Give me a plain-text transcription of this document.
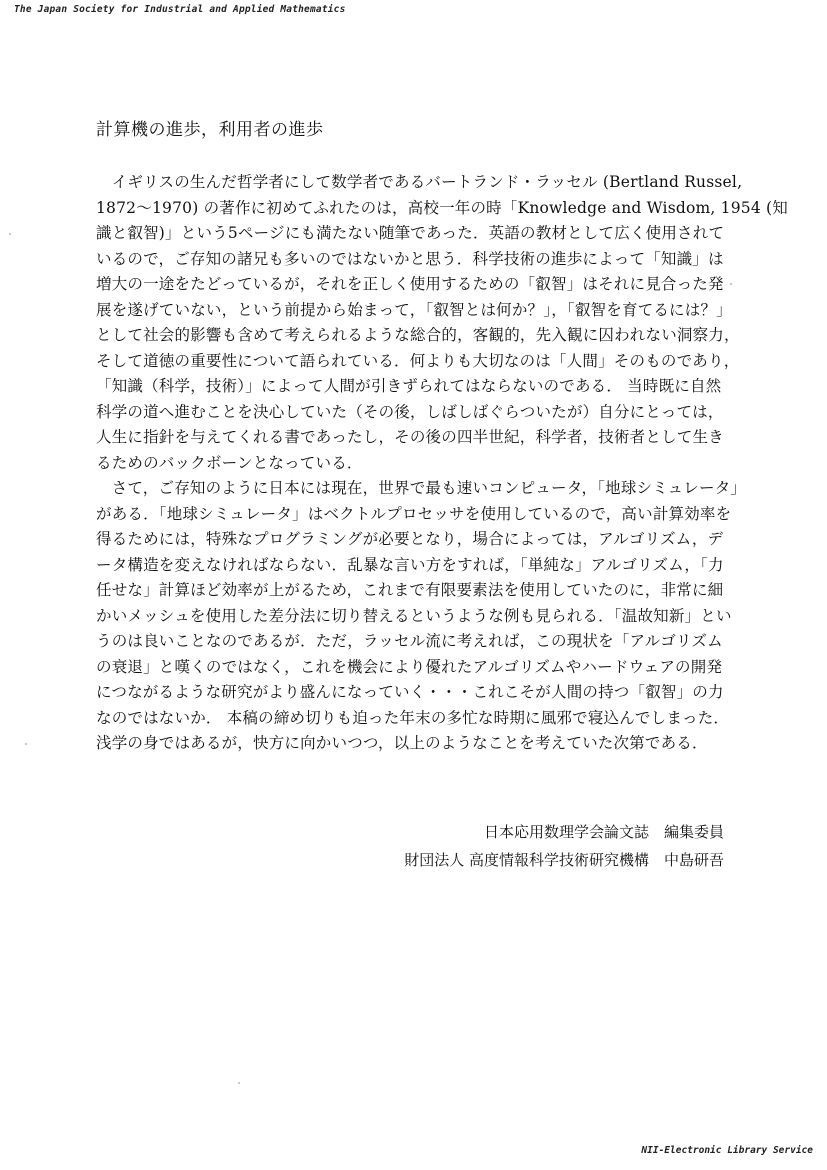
The Japan Society for Industrial and Applied Mathematics
計算機の進歩，利用者の進歩
　イギリスの生んだ哲学者にして数学者であるバートランド・ラッセル (Bertland Russel,
1872〜1970) の著作に初めてふれたのは，高校一年の時「Knowledge and Wisdom, 1954 (知
識と叡智)」という5ページにも満たない随筆であった．英語の教材として広く使用されて
いるので，ご存知の諸兄も多いのではないかと思う．科学技術の進歩によって「知識」は
増大の一途をたどっているが，それを正しく使用するための「叡智」はそれに見合った発
展を遂げていない，という前提から始まって，「叡智とは何か？」，「叡智を育てるには？」
として社会的影響も含めて考えられるような総合的，客観的，先入観に囚われない洞察力，
そして道徳の重要性について語られている．何よりも大切なのは「人間」そのものであり，
「知識（科学，技術）」によって人間が引きずられてはならないのである． 当時既に自然
科学の道へ進むことを決心していた（その後，しばしばぐらついたが）自分にとっては，
人生に指針を与えてくれる書であったし，その後の四半世紀，科学者，技術者として生き
るためのバックボーンとなっている．
　さて，ご存知のように日本には現在，世界で最も速いコンピュータ，「地球シミュレータ」
がある．「地球シミュレータ」はベクトルプロセッサを使用しているので，高い計算効率を
得るためには，特殊なプログラミングが必要となり，場合によっては，アルゴリズム，デ
ータ構造を変えなければならない．乱暴な言い方をすれば，「単純な」アルゴリズム，「力
任せな」計算ほど効率が上がるため，これまで有限要素法を使用していたのに，非常に細
かいメッシュを使用した差分法に切り替えるというような例も見られる．「温故知新」とい
うのは良いことなのであるが．ただ，ラッセル流に考えれば，この現状を「アルゴリズム
の衰退」と嘆くのではなく，これを機会により優れたアルゴリズムやハードウェアの開発
につながるような研究がより盛んになっていく・・・これこそが人間の持つ「叡智」の力
なのではないか． 本稿の締め切りも迫った年末の多忙な時期に風邪で寝込んでしまった．
浅学の身ではあるが，快方に向かいつつ，以上のようなことを考えていた次第である．
日本応用数理学会論文誌　編集委員
財団法人 高度情報科学技術研究機構　中島研吾
NII-Electronic Library Service
